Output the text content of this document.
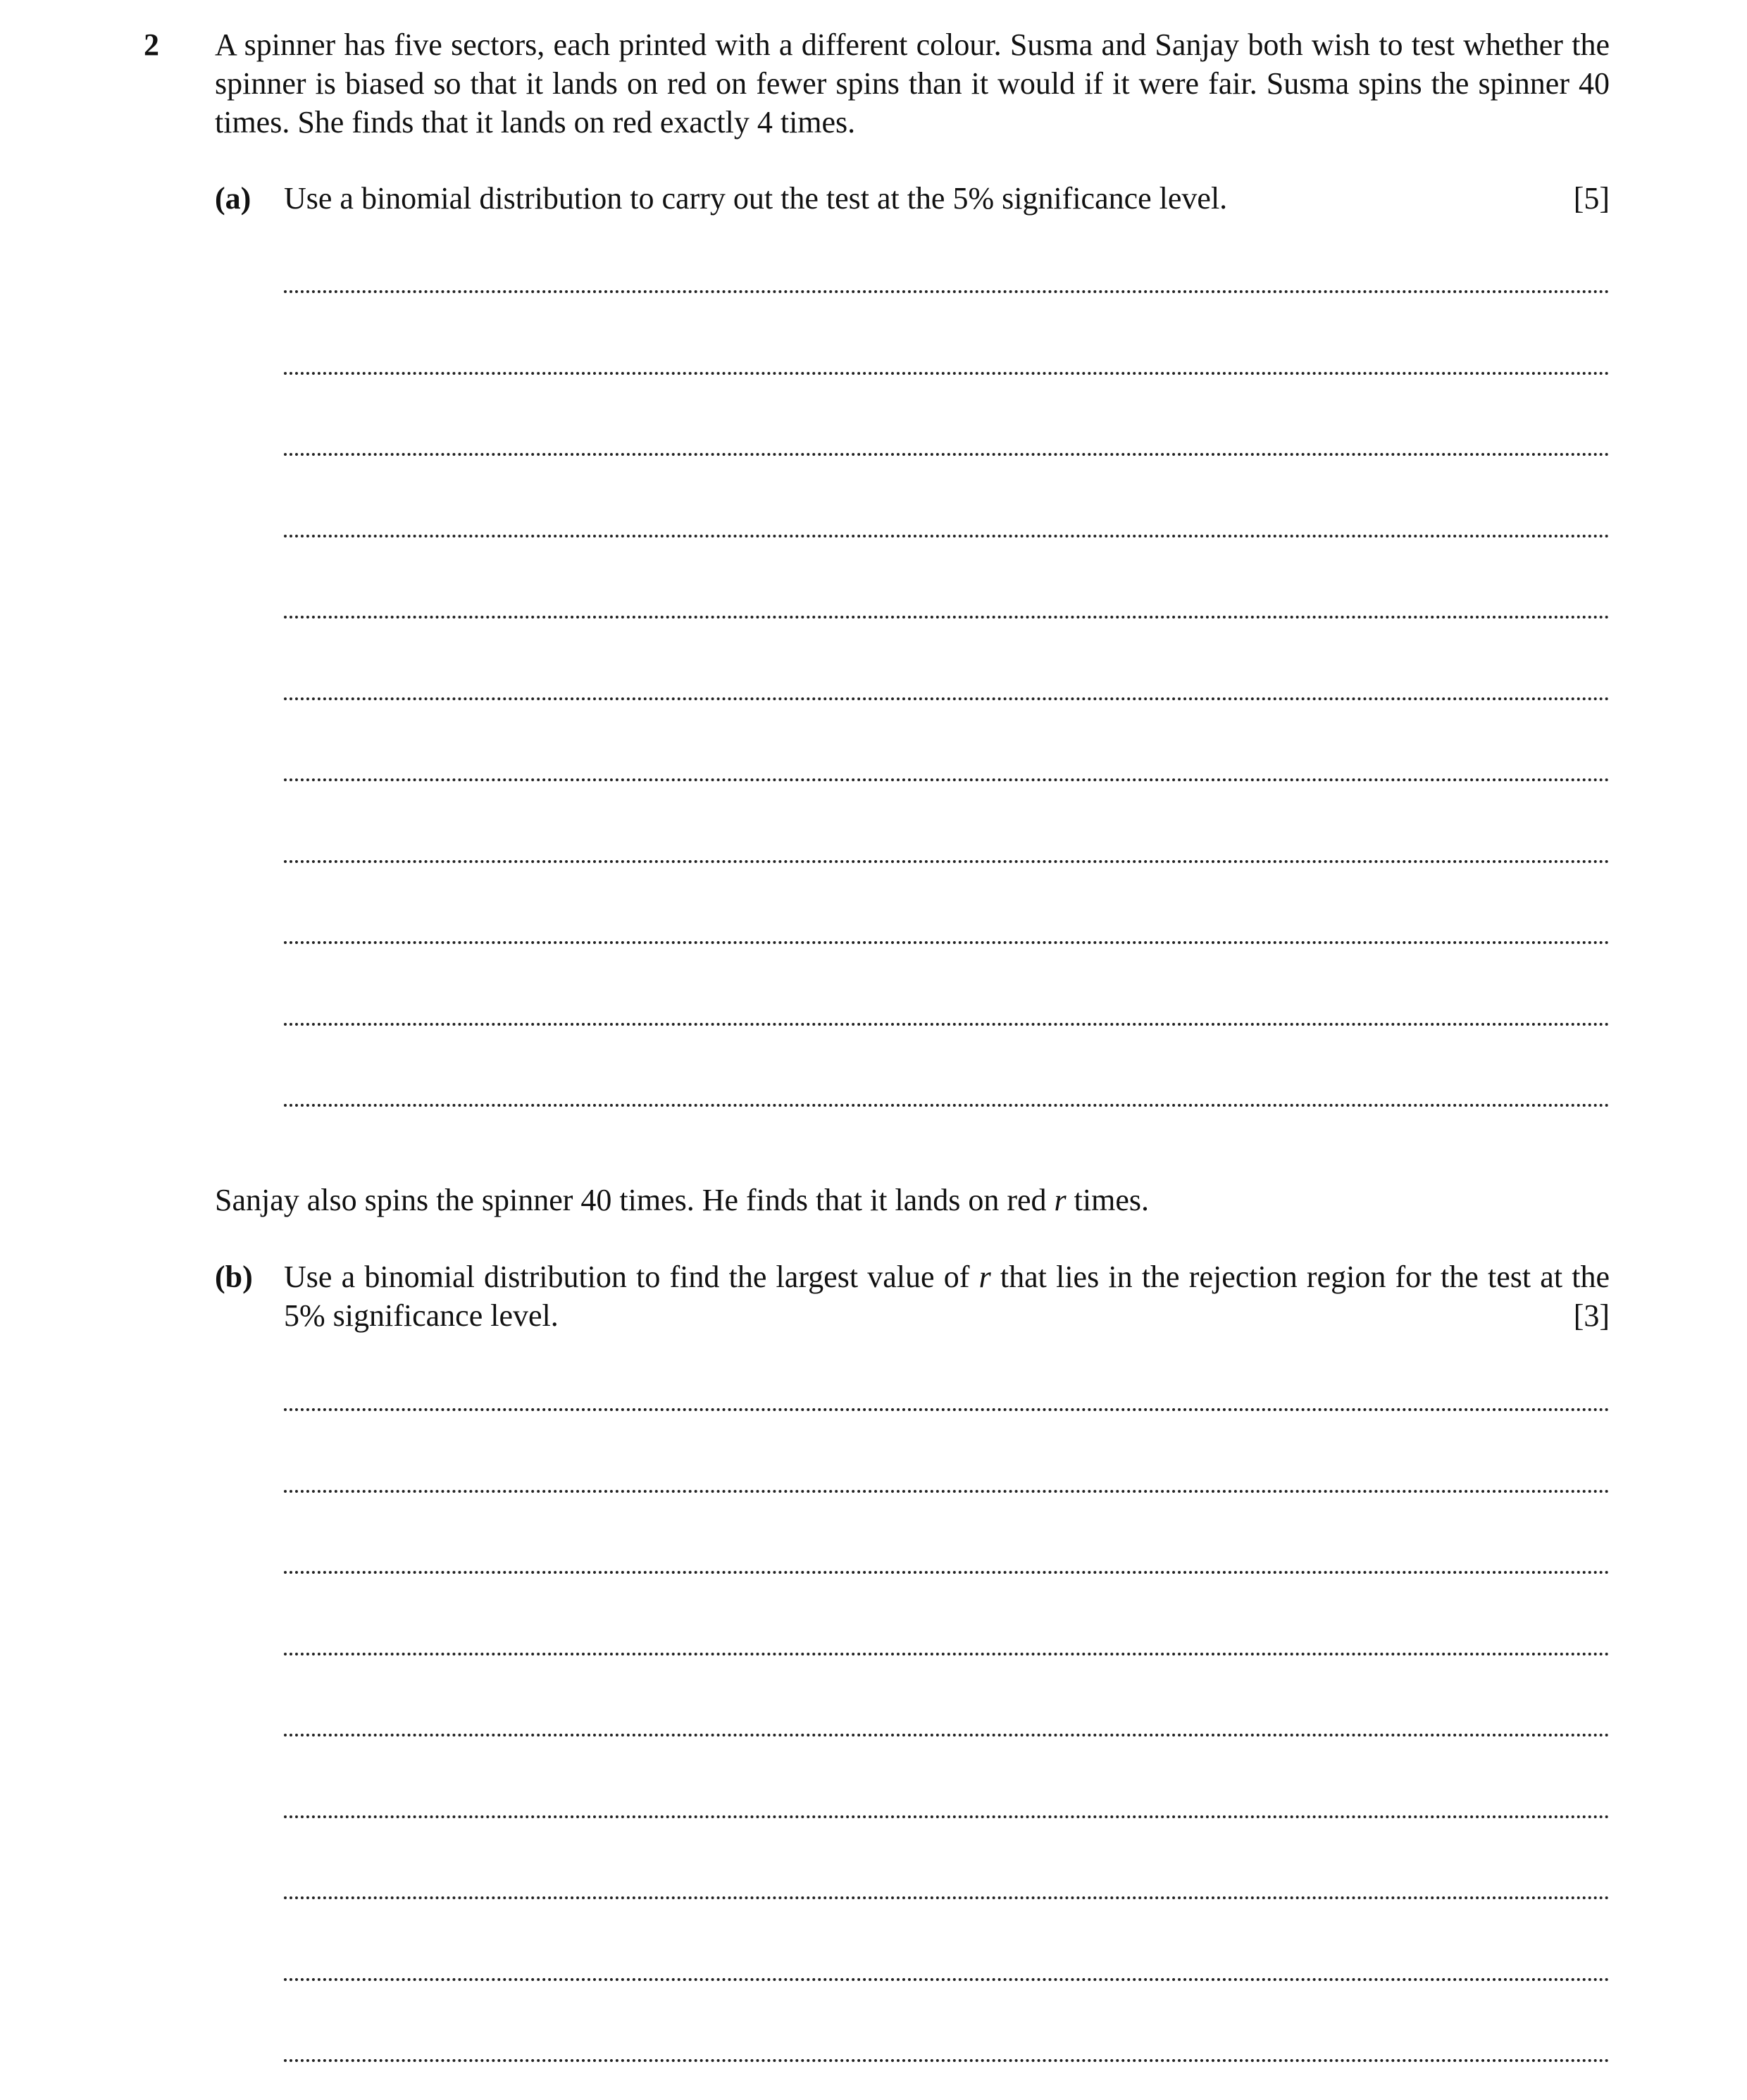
2 A spinner has five sectors, each printed with a different colour. Susma and Sanjay both wish to test whether the spinner is biased so that it lands on red on fewer spins than it would if it were fair. Susma spins the spinner 40 times. She finds that it lands on red exactly 4 times.

(a) Use a binomial distribution to carry out the test at the 5% significance level.	[5]
Sanjay also spins the spinner 40 times. He finds that it lands on red r times.
(b) Use a binomial distribution to find the largest value of r that lies in the rejection region for the test at the 5% significance level.	[3]
